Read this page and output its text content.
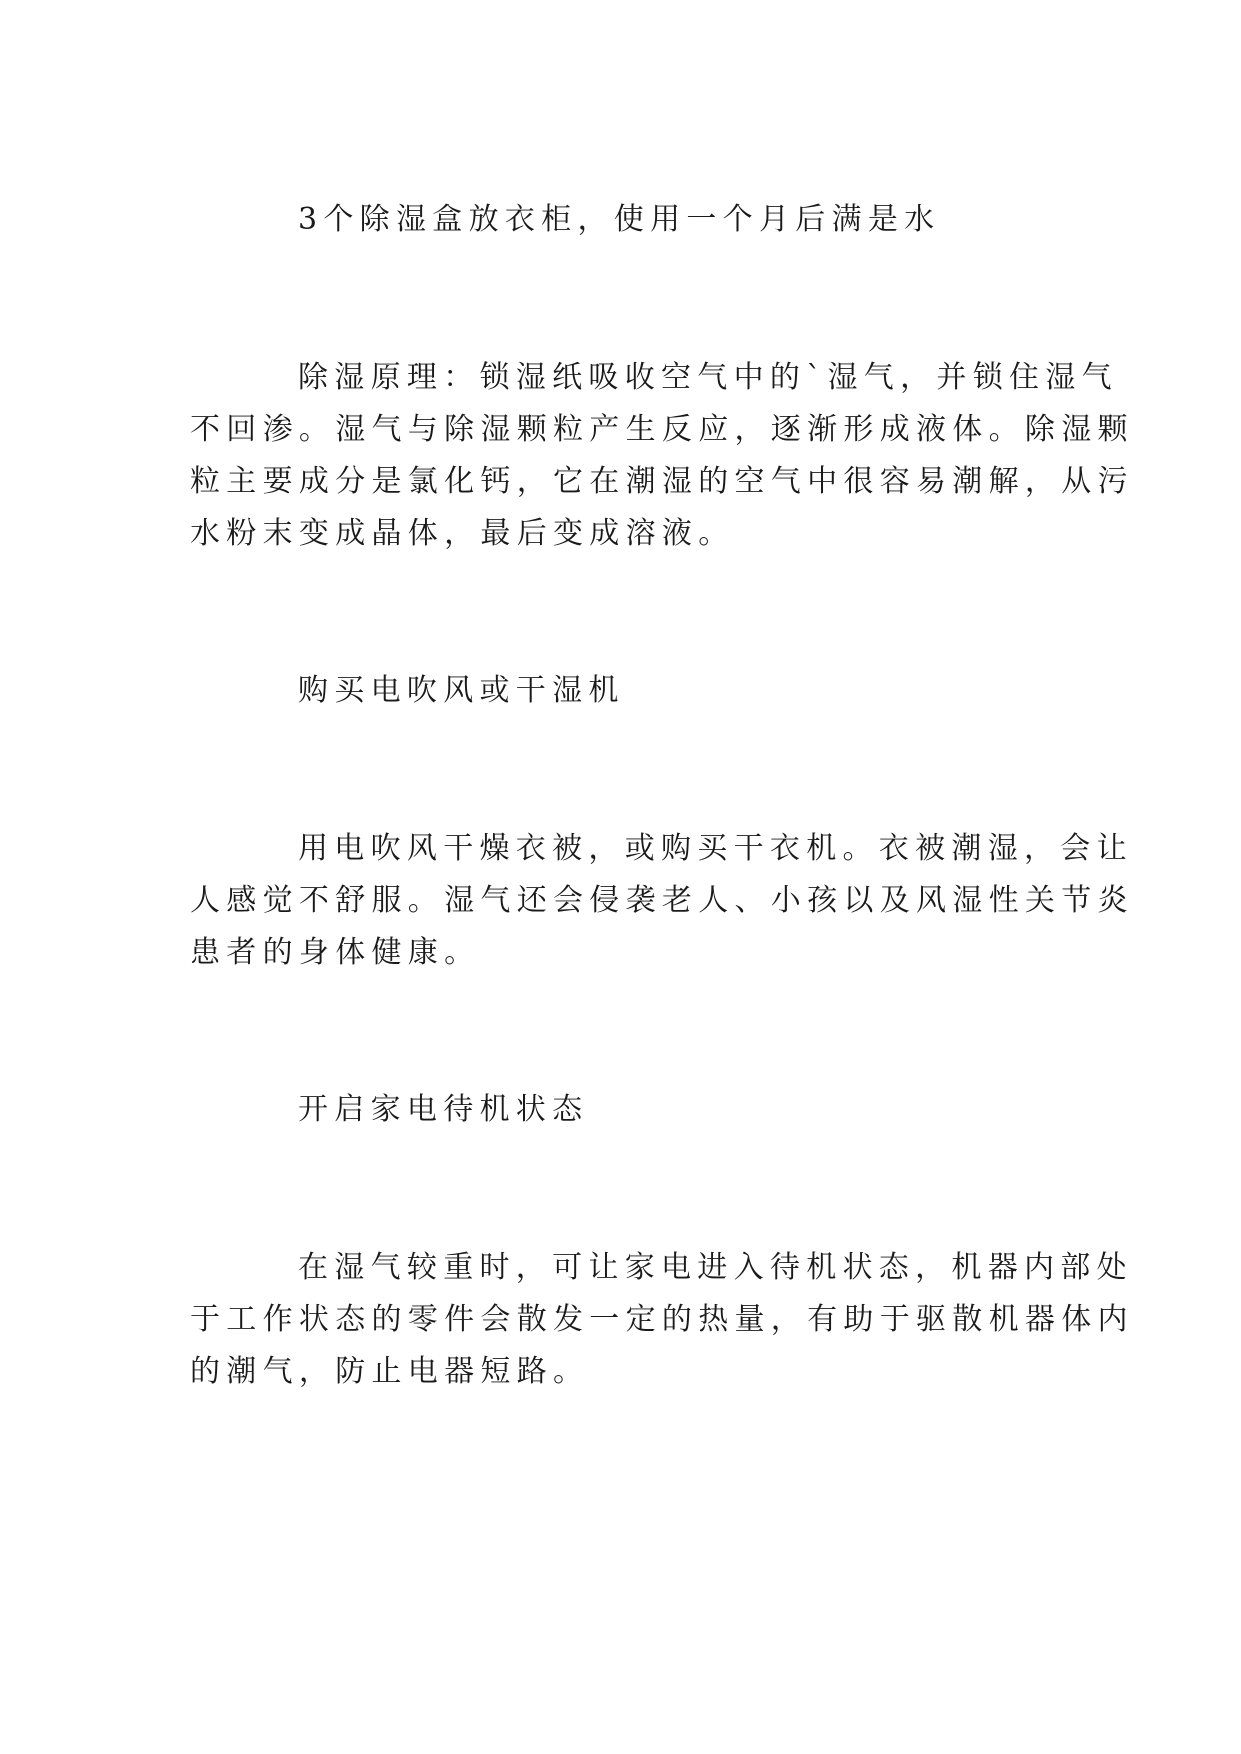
3个除湿盒放衣柜，使用一个月后满是水

除湿原理：锁湿纸吸收空气中的`湿气，并锁住湿气

不回渗。湿气与除湿颗粒产生反应，逐渐形成液体。除湿颗

粒主要成分是氯化钙，它在潮湿的空气中很容易潮解，从污

水粉末变成晶体，最后变成溶液。

购买电吹风或干湿机

用电吹风干燥衣被，或购买干衣机。衣被潮湿，会让

人感觉不舒服。湿气还会侵袭老人、小孩以及风湿性关节炎

患者的身体健康。

开启家电待机状态

在湿气较重时，可让家电进入待机状态，机器内部处

于工作状态的零件会散发一定的热量，有助于驱散机器体内

的潮气，防止电器短路。
